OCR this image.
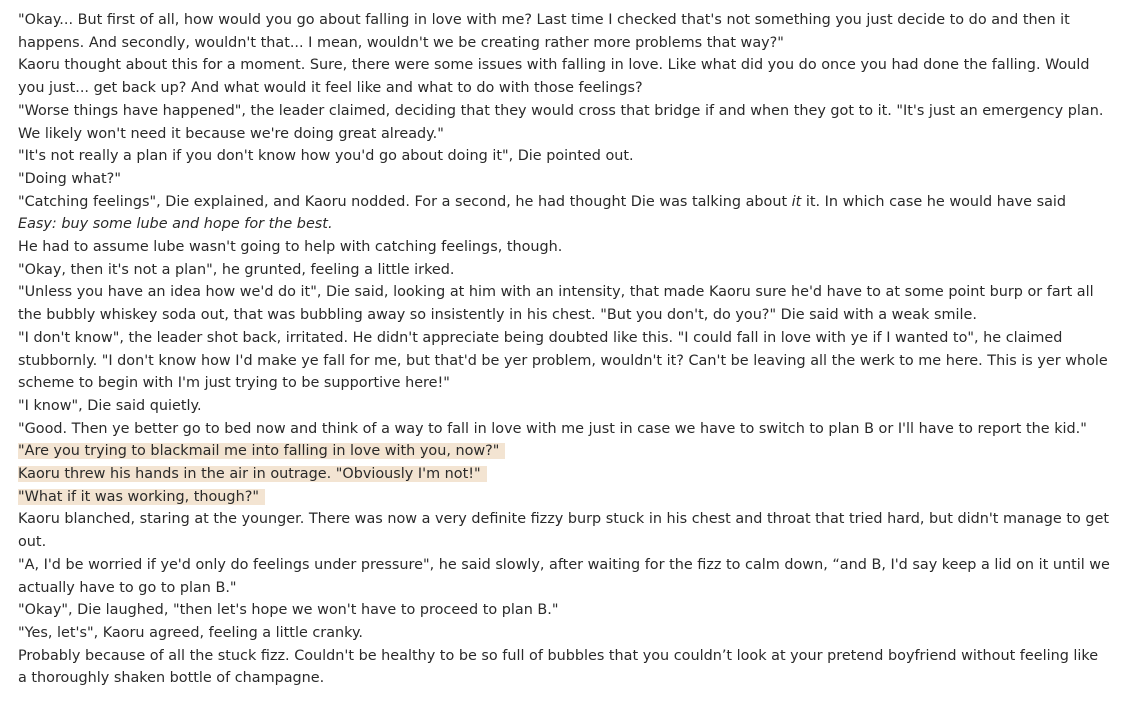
"Okay... But first of all, how would you go about falling in love with me? Last time I checked that's not something you just decide to do and then it happens. And secondly, wouldn't that... I mean, wouldn't we be creating rather more problems that way?"

Kaoru thought about this for a moment. Sure, there were some issues with falling in love. Like what did you do once you had done the falling. Would you just... get back up? And what would it feel like and what to do with those feelings?

"Worse things have happened", the leader claimed, deciding that they would cross that bridge if and when they got to it. "It's just an emergency plan. We likely won't need it because we're doing great already."

"It's not really a plan if you don't know how you'd go about doing it", Die pointed out.

"Doing what?"

"Catching feelings", Die explained, and Kaoru nodded. For a second, he had thought Die was talking about it it. In which case he would have said
Easy: buy some lube and hope for the best.

He had to assume lube wasn't going to help with catching feelings, though.

"Okay, then it's not a plan", he grunted, feeling a little irked.

"Unless you have an idea how we'd do it", Die said, looking at him with an intensity, that made Kaoru sure he'd have to at some point burp or fart all the bubbly whiskey soda out, that was bubbling away so insistently in his chest. "But you don't, do you?" Die said with a weak smile.

"I don't know", the leader shot back, irritated. He didn't appreciate being doubted like this. "I could fall in love with ye if I wanted to", he claimed stubbornly. "I don't know how I'd make ye fall for me, but that'd be yer problem, wouldn't it? Can't be leaving all the werk to me here. This is yer whole scheme to begin with I'm just trying to be supportive here!"

"I know", Die said quietly.

"Good. Then ye better go to bed now and think of a way to fall in love with me just in case we have to switch to plan B or I'll have to report the kid."

"Are you trying to blackmail me into falling in love with you, now?"

Kaoru threw his hands in the air in outrage. "Obviously I'm not!"

"What if it was working, though?"

Kaoru blanched, staring at the younger. There was now a very definite fizzy burp stuck in his chest and throat that tried hard, but didn't manage to get out.

"A, I'd be worried if ye'd only do feelings under pressure", he said slowly, after waiting for the fizz to calm down, “and B, I'd say keep a lid on it until we actually have to go to plan B."

"Okay", Die laughed, "then let's hope we won't have to proceed to plan B."

"Yes, let's", Kaoru agreed, feeling a little cranky.

Probably because of all the stuck fizz. Couldn't be healthy to be so full of bubbles that you couldn’t look at your pretend boyfriend without feeling like a thoroughly shaken bottle of champagne.
